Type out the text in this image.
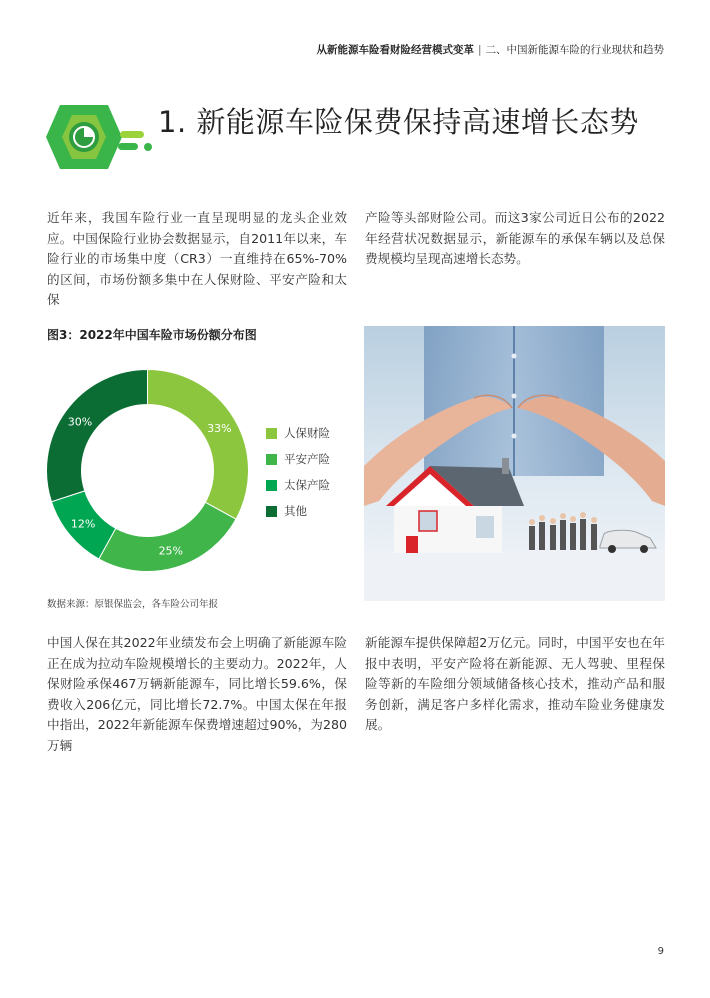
从新能源车险看财险经营模式变革 | 二、中国新能源车险的行业现状和趋势
1. 新能源车险保费保持高速增长态势
近年来，我国车险行业一直呈现明显的龙头企业效应。中国保险行业协会数据显示，自2011年以来，车险行业的市场集中度（CR3）一直维持在65%-70%的区间，市场份额多集中在人保财险、平安产险和太保
产险等头部财险公司。而这3家公司近日公布的2022年经营状况数据显示，新能源车的承保车辆以及总保费规模均呈现高速增长态势。
图3：2022年中国车险市场份额分布图
33%
25%
12%
30%
人保财险
平安产险
太保产险
其他
数据来源：原银保监会，各车险公司年报
中国人保在其2022年业绩发布会上明确了新能源车险正在成为拉动车险规模增长的主要动力。2022年，人保财险承保467万辆新能源车，同比增长59.6%，保费收入206亿元，同比增长72.7%。中国太保在年报中指出，2022年新能源车保费增速超过90%，为280万辆
新能源车提供保障超2万亿元。同时，中国平安也在年报中表明，平安产险将在新能源、无人驾驶、里程保险等新的车险细分领域储备核心技术，推动产品和服务创新，满足客户多样化需求，推动车险业务健康发展。
9
